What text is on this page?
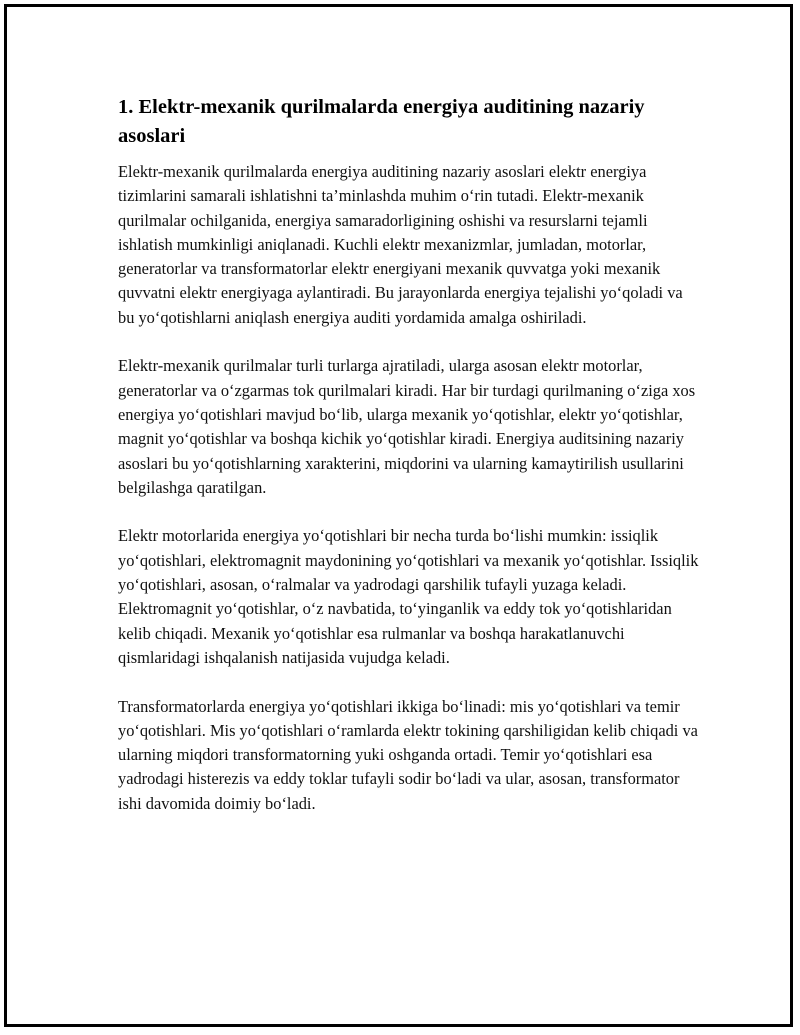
1. Elektr-mexanik qurilmalarda energiya auditining nazariy asoslari

Elektr-mexanik qurilmalarda energiya auditining nazariy asoslari elektr energiya tizimlarini samarali ishlatishni ta’minlashda muhim o‘rin tutadi. Elektr-mexanik qurilmalar ochilganida, energiya samaradorligining oshishi va resurslarni tejamli ishlatish mumkinligi aniqlanadi. Kuchli elektr mexanizmlar, jumladan, motorlar, generatorlar va transformatorlar elektr energiyani mexanik quvvatga yoki mexanik quvvatni elektr energiyaga aylantiradi. Bu jarayonlarda energiya tejalishi yo‘qoladi va bu yo‘qotishlarni aniqlash energiya auditi yordamida amalga oshiriladi.

Elektr-mexanik qurilmalar turli turlarga ajratiladi, ularga asosan elektr motorlar, generatorlar va o‘zgarmas tok qurilmalari kiradi. Har bir turdagi qurilmaning o‘ziga xos energiya yo‘qotishlari mavjud bo‘lib, ularga mexanik yo‘qotishlar, elektr yo‘qotishlar, magnit yo‘qotishlar va boshqa kichik yo‘qotishlar kiradi. Energiya auditsining nazariy asoslari bu yo‘qotishlarning xarakterini, miqdorini va ularning kamaytirilish usullarini belgilashga qaratilgan.

Elektr motorlarida energiya yo‘qotishlari bir necha turda bo‘lishi mumkin: issiqlik yo‘qotishlari, elektromagnit maydonining yo‘qotishlari va mexanik yo‘qotishlar. Issiqlik yo‘qotishlari, asosan, o‘ralmalar va yadrodagi qarshilik tufayli yuzaga keladi. Elektromagnit yo‘qotishlar, o‘z navbatida, to‘yinganlik va eddy tok yo‘qotishlaridan kelib chiqadi. Mexanik yo‘qotishlar esa rulmanlar va boshqa harakatlanuvchi qismlaridagi ishqalanish natijasida vujudga keladi.

Transformatorlarda energiya yo‘qotishlari ikkiga bo‘linadi: mis yo‘qotishlari va temir yo‘qotishlari. Mis yo‘qotishlari o‘ramlarda elektr tokining qarshiligidan kelib chiqadi va ularning miqdori transformatorning yuki oshganda ortadi. Temir yo‘qotishlari esa yadrodagi histerezis va eddy toklar tufayli sodir bo‘ladi va ular, asosan, transformator ishi davomida doimiy bo‘ladi.
